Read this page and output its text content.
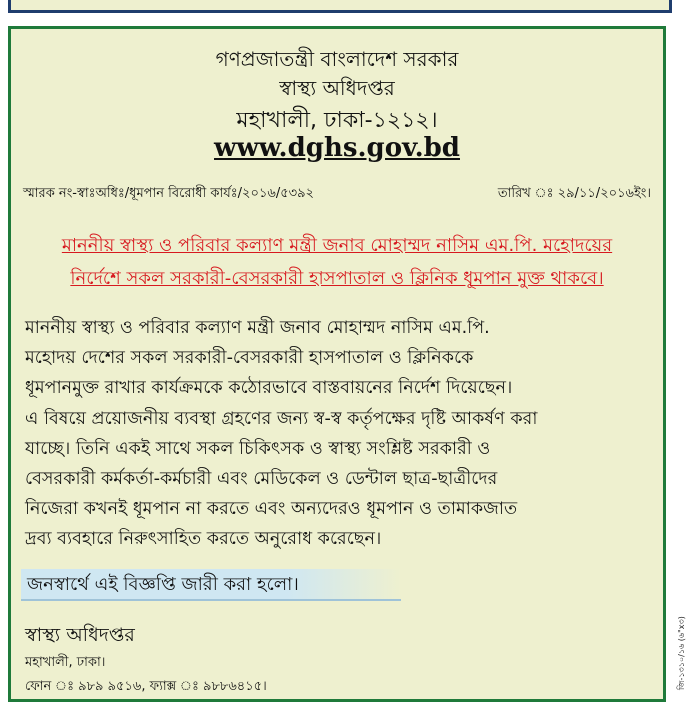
গণপ্রজাতন্ত্রী বাংলাদেশ সরকার
স্বাস্থ্য অধিদপ্তর
মহাখালী, ঢাকা-১২১২।
www.dghs.gov.bd
স্মারক নং-স্বাঃঅধিঃ/ধূমপান বিরোধী কার্যঃ/২০১৬/৫৩৯২	তারিখ ঃ ২৯/১১/২০১৬ইং।
মাননীয় স্বাস্থ্য ও পরিবার কল্যাণ মন্ত্রী জনাব মোহাম্মদ নাসিম এম.পি. মহোদয়ের
নির্দেশে সকল সরকারী-বেসরকারী হাসপাতাল ও ক্লিনিক ধূমপান মুক্ত থাকবে।
মাননীয় স্বাস্থ্য ও পরিবার কল্যাণ মন্ত্রী জনাব মোহাম্মদ নাসিম এম.পি.
মহোদয় দেশের সকল সরকারী-বেসরকারী হাসপাতাল ও ক্লিনিককে
ধূমপানমুক্ত রাখার কার্যক্রমকে কঠোরভাবে বাস্তবায়নের নির্দেশ দিয়েছেন।
এ বিষয়ে প্রয়োজনীয় ব্যবস্থা গ্রহণের জন্য স্ব-স্ব কর্তৃপক্ষের দৃষ্টি আকর্ষণ করা
যাচ্ছে। তিনি একই সাথে সকল চিকিৎসক ও স্বাস্থ্য সংশ্লিষ্ট সরকারী ও
বেসরকারী কর্মকর্তা-কর্মচারী এবং মেডিকেল ও ডেন্টাল ছাত্র-ছাত্রীদের
নিজেরা কখনই ধূমপান না করতে এবং অন্যদেরও ধূমপান ও তামাকজাত
দ্রব্য ব্যবহারে নিরুৎসাহিত করতে অনুরোধ করেছেন।
জনস্বার্থে এই বিজ্ঞপ্তি জারী করা হলো।
স্বাস্থ্য অধিদপ্তর
মহাখালী, ঢাকা।
ফোন ঃ ৯৮৯ ৯৫১৬, ফ্যাক্স ঃ ৯৮৮৬৪১৫।	জি-১৩১০/১৬ (৬"x৩)
